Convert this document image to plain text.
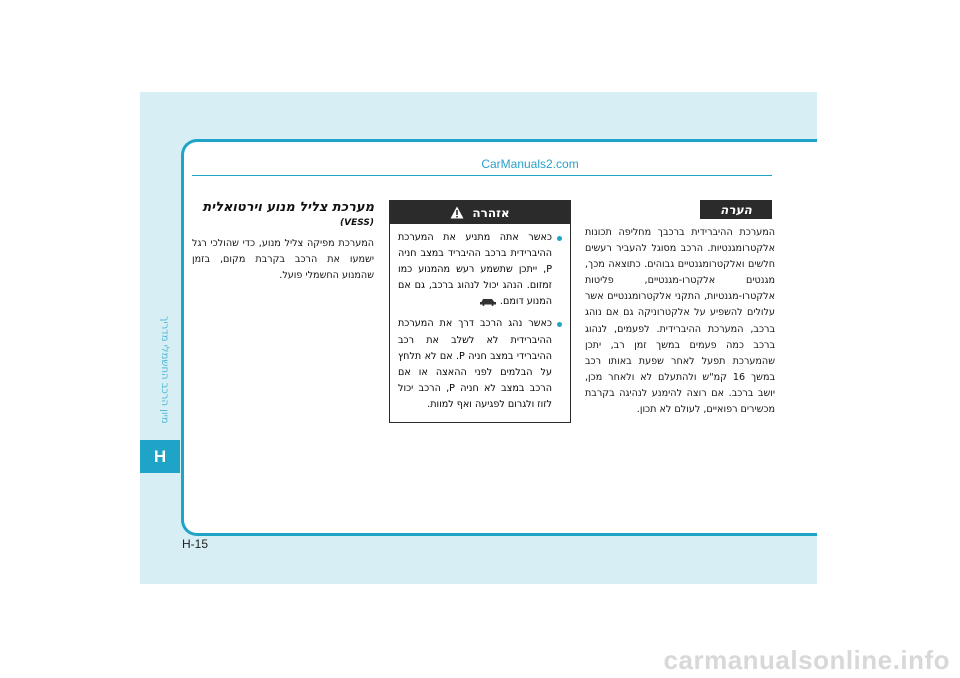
מיון הרכב החשמלי מדריך
H
CarManuals2.com
הערה
המערכת ההיברידית ברכבך מחליפה תכונות אלקטרומגנטיות. הרכב מסוגל להעביר רעשים חלשים ואלקטרומגנטיים גבוהים. כתוצאה מכך, מגנטים אלקטרו-מגנטיים, פליטות אלקטרו-מגנטיות, התקני אלקטרומגנטיים אשר עלולים להשפיע על אלקטרוניקה גם אם נוהג ברכב, המערכת ההיברידית. לפעמים, לנהוג ברכב כמה פעמים במשך זמן רב, יתכן שהמערכת תפעל לאחר שפעת באותו רכב במשך 16 קמ"ש ולהתעלם לא ולאחר מכן, יושב ברכב. אם רוצה להימנע לנהיגה בקרבת מכשירים רפואיים, לעולם לא תכון.
אזהרה
כאשר אתה מתניע את המערכת ההיברידית ברכב ההיבריד במצב חניה P, ייתכן שתשמע רעש מהמנוע כמו זמזום. הנהג יכול לנהוג ברכב, גם אם המנוע דומם.
כאשר נהג הרכב דרך את המערכת ההיברידית לא לשלב את רכב ההיברידי במצב חניה P. אם לא תלחץ על הבלמים לפני ההאצה או אם הרכב במצב לא חניה P, הרכב יכול לזוז ולגרום לפגיעה ואף למוות.
מערכת צליל מנוע וירטואלית
(VESS)
המערכת מפיקה צליל מנוע, כדי שהולכי רגל ישמעו את הרכב בקרבת מקום, בזמן שהמנוע החשמלי פועל.
H-15
carmanualsonline.info
